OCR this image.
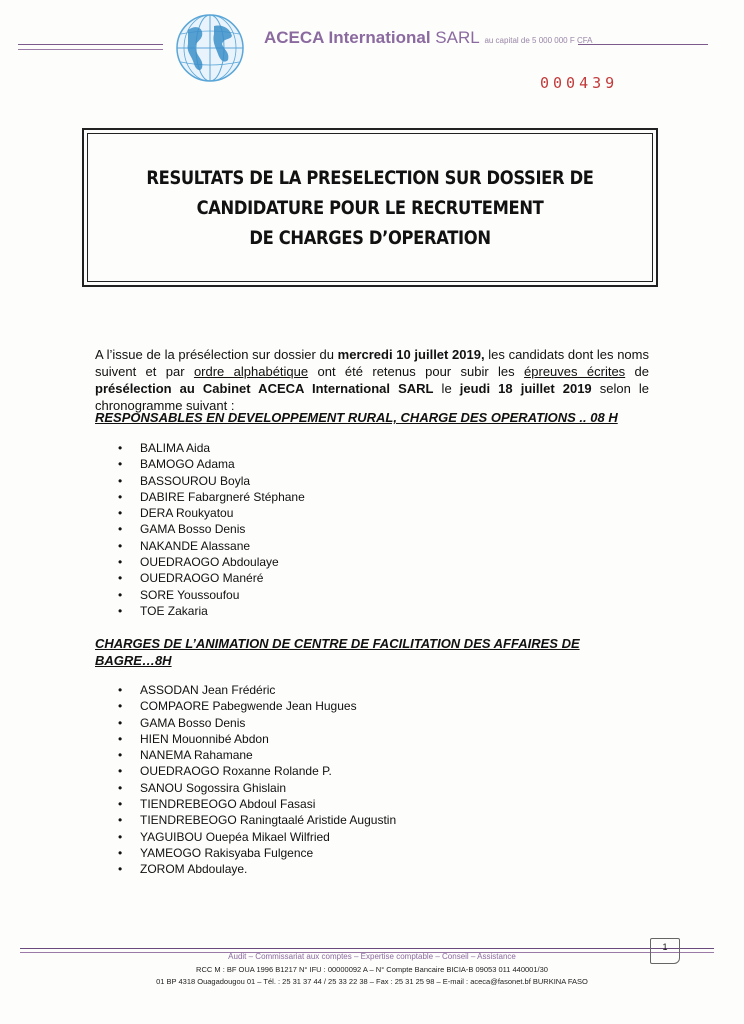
ACECA International SARL au capital de 5 000 000 F CFA
000439
RESULTATS DE LA PRESELECTION SUR DOSSIER DE
CANDIDATURE POUR LE RECRUTEMENT
DE CHARGES D’OPERATION

A l’issue de la présélection sur dossier du mercredi 10 juillet 2019, les candidats dont les noms suivent et par ordre alphabétique ont été retenus pour subir les épreuves écrites de présélection au Cabinet ACECA International SARL le jeudi 18 juillet 2019 selon le chronogramme suivant :

RESPONSABLES EN DEVELOPPEMENT RURAL, CHARGE DES OPERATIONS .. 08 H
• BALIMA Aida
• BAMOGO Adama
• BASSOUROU Boyla
• DABIRE Fabargneré Stéphane
• DERA Roukyatou
• GAMA Bosso Denis
• NAKANDE Alassane
• OUEDRAOGO Abdoulaye
• OUEDRAOGO Manéré
• SORE Youssoufou
• TOE Zakaria
CHARGES DE L’ANIMATION DE CENTRE DE FACILITATION DES AFFAIRES DE BAGRE…8H
• ASSODAN Jean Frédéric
• COMPAORE Pabegwende Jean Hugues
• GAMA Bosso Denis
• HIEN Mouonnibé Abdon
• NANEMA Rahamane
• OUEDRAOGO Roxanne Rolande P.
• SANOU Sogossira Ghislain
• TIENDREBEOGO Abdoul Fasasi
• TIENDREBEOGO Raningtaalé Aristide Augustin
• YAGUIBOU Ouepéa Mikael Wilfried
• YAMEOGO Rakisyaba Fulgence
• ZOROM Abdoulaye.
1
Audit – Commissariat aux comptes – Expertise comptable – Conseil – Assistance
RCC M : BF OUA 1996 B1217 N° IFU : 00000092 A – N° Compte Bancaire BICIA-B 09053 011 440001/30
01 BP 4318 Ouagadougou 01 – Tél. : 25 31 37 44 / 25 33 22 38 – Fax : 25 31 25 98 – E-mail : aceca@fasonet.bf BURKINA FASO
